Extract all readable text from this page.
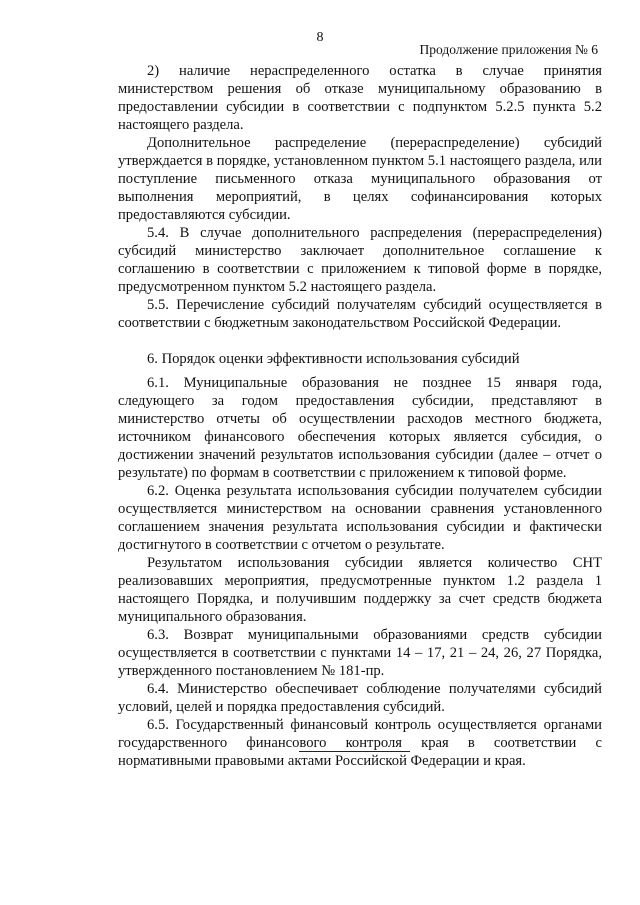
8
Продолжение приложения № 6

2) наличие нераспределенного остатка в случае принятия министерством решения об отказе муниципальному образованию в предоставлении субсидии в соответствии с подпунктом 5.2.5 пункта 5.2 настоящего раздела.

Дополнительное распределение (перераспределение) субсидий утверждается в порядке, установленном пунктом 5.1 настоящего раздела, или поступление письменного отказа муниципального образования от выполнения мероприятий, в целях софинансирования которых предоставляются субсидии.

5.4. В случае дополнительного распределения (перераспределения) субсидий министерство заключает дополнительное соглашение к соглашению в соответствии с приложением к типовой форме в порядке, предусмотренном пунктом 5.2 настоящего раздела.

5.5. Перечисление субсидий получателям субсидий осуществляется в соответствии с бюджетным законодательством Российской Федерации.

6. Порядок оценки эффективности использования субсидий

6.1. Муниципальные образования не позднее 15 января года, следующего за годом предоставления субсидии, представляют в министерство отчеты об осуществлении расходов местного бюджета, источником финансового обеспечения которых является субсидия, о достижении значений результатов использования субсидии (далее – отчет о результате) по формам в соответствии с приложением к типовой форме.

6.2. Оценка результата использования субсидии получателем субсидии осуществляется министерством на основании сравнения установленного соглашением значения результата использования субсидии и фактически достигнутого в соответствии с отчетом о результате.

Результатом использования субсидии является количество СНТ реализовавших мероприятия, предусмотренные пунктом 1.2 раздела 1 настоящего Порядка, и получившим поддержку за счет средств бюджета муниципального образования.

6.3. Возврат муниципальными образованиями средств субсидии осуществляется в соответствии с пунктами 14 – 17, 21 – 24, 26, 27 Порядка, утвержденного постановлением № 181-пр.

6.4. Министерство обеспечивает соблюдение получателями субсидий условий, целей и порядка предоставления субсидий.

6.5. Государственный финансовый контроль осуществляется органами государственного финансового контроля края в соответствии с нормативными правовыми актами Российской Федерации и края.
